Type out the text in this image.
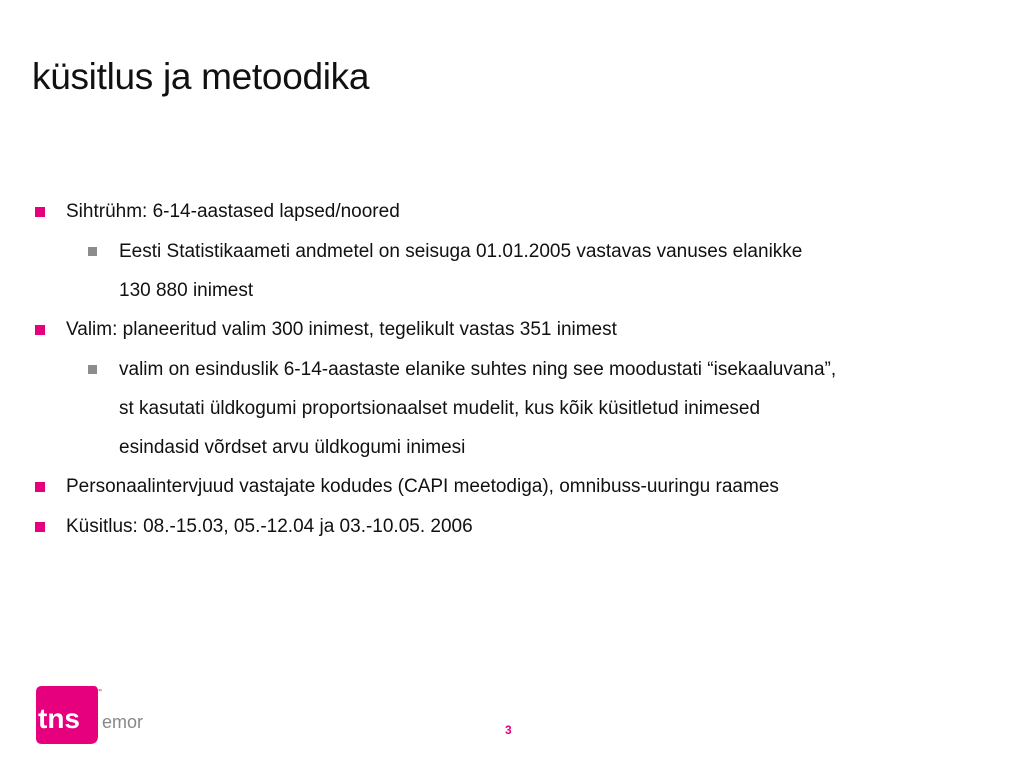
küsitlus ja metoodika
Sihtrühm: 6-14-aastased lapsed/noored
Eesti Statistikaameti andmetel on seisuga 01.01.2005 vastavas vanuses elanikke
130 880 inimest
Valim: planeeritud valim 300 inimest, tegelikult vastas 351 inimest
valim on esinduslik 6-14-aastaste elanike suhtes ning see moodustati “isekaaluvana”,
st kasutati üldkogumi proportsionaalset mudelit, kus kõik küsitletud inimesed
esindasid võrdset arvu üldkogumi inimesi
Personaalintervjuud vastajate kodudes (CAPI meetodiga), omnibuss-uuringu raames
Küsitlus: 08.-15.03, 05.-12.04 ja 03.-10.05. 2006
tns
™
emor	3
